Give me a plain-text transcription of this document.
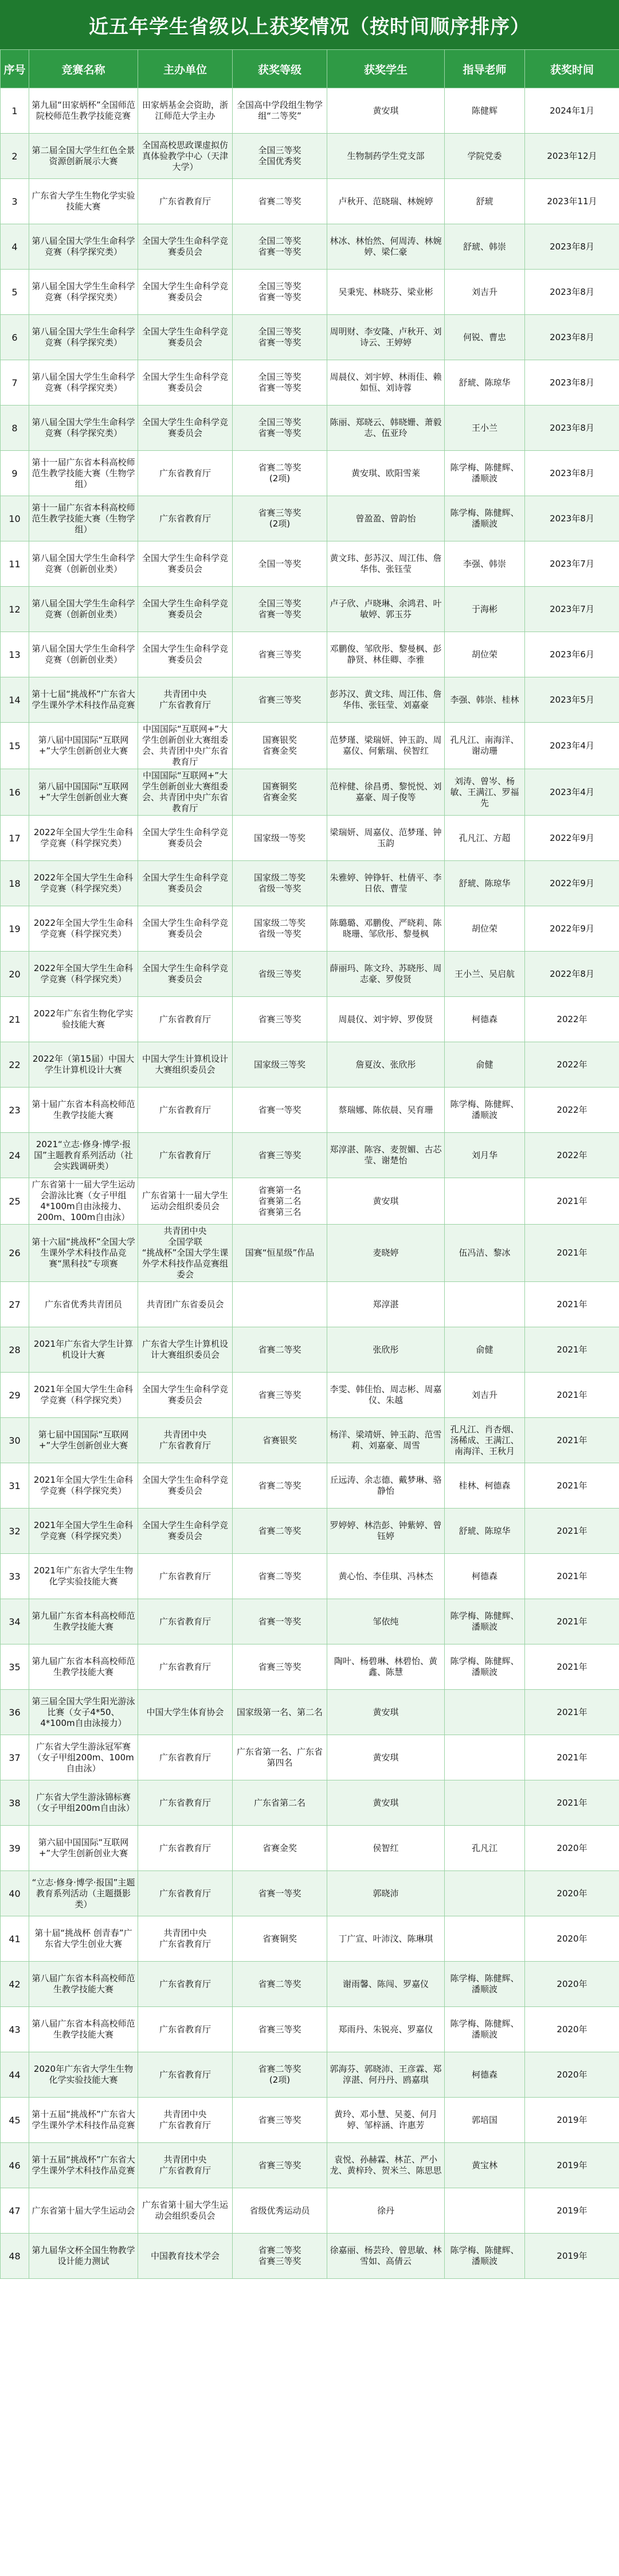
近五年学生省级以上获奖情况（按时间顺序排序）
序号	竞赛名称	主办单位	获奖等级	获奖学生	指导老师	获奖时间
1	第九届“田家炳杯”全国师范院校师范生教学技能竞赛	田家炳基金会资助，浙江师范大学主办	全国高中学段组生物学组“二等奖”	黄安琪	陈健辉	2024年1月
2	第二届全国大学生红色全景资源创新展示大赛	全国高校思政课虚拟仿真体验教学中心（天津大学）	全国三等奖
全国优秀奖	生物制药学生党支部	学院党委	2023年12月
3	广东省大学生生物化学实验技能大赛	广东省教育厅	省赛二等奖	卢秋开、范晓瑞、林婉婷	舒琥	2023年11月
4	第八届全国大学生生命科学竞赛（科学探究类）	全国大学生生命科学竞赛委员会	全国二等奖
省赛一等奖	林冰、林怡然、何周涛、林婉婷、梁仁豪	舒琥、韩崇	2023年8月
5	第八届全国大学生生命科学竞赛（科学探究类）	全国大学生生命科学竞赛委员会	全国三等奖
省赛一等奖	吴秉宪、林晓芬、梁业彬	刘吉升	2023年8月
6	第八届全国大学生生命科学竞赛（科学探究类）	全国大学生生命科学竞赛委员会	全国三等奖
省赛一等奖	周明财、李安隆、卢秋开、刘诗云、王婷婷	何锐、曹忠	2023年8月
7	第八届全国大学生生命科学竞赛（科学探究类）	全国大学生生命科学竞赛委员会	全国三等奖
省赛一等奖	周晨仪、刘宇婷、林雨佳、赖如恒、刘诗蓉	舒琥、陈琼华	2023年8月
8	第八届全国大学生生命科学竞赛（科学探究类）	全国大学生生命科学竞赛委员会	全国三等奖
省赛一等奖	陈丽、郑晓云、韩晓姗、萧毅志、伍亚玲	王小兰	2023年8月
9	第十一届广东省本科高校师范生教学技能大赛（生物学组）	广东省教育厅	省赛二等奖
(2项)	黄安琪、欧阳雪莱	陈学梅、陈健辉、潘顺波	2023年8月
10	第十一届广东省本科高校师范生教学技能大赛（生物学组）	广东省教育厅	省赛三等奖
(2项)	曾盈盈、曾韵怡	陈学梅、陈健辉、潘顺波	2023年8月
11	第八届全国大学生生命科学竞赛（创新创业类）	全国大学生生命科学竞赛委员会	全国一等奖	黄文玮、彭苏汉、周江伟、詹华伟、张钰莹	李强、韩崇	2023年7月
12	第八届全国大学生生命科学竞赛（创新创业类）	全国大学生生命科学竞赛委员会	全国三等奖
省赛一等奖	卢子欣、卢晓琳、余鸿君、叶敏婷、郭玉芬	于海彬	2023年7月
13	第八届全国大学生生命科学竞赛（创新创业类）	全国大学生生命科学竞赛委员会	省赛三等奖	邓鹏俊、邹欣彤、黎曼枫、彭静贤、林佳卿、李雅	胡位荣	2023年6月
14	第十七届“挑战杯”广东省大学生课外学术科技作品竞赛	共青团中央
广东省教育厅	省赛三等奖	彭苏汉、黄文玮、周江伟、詹华伟、张钰莹、刘嘉豪	李强、韩崇、桂林	2023年5月
15	第八届中国国际“互联网+”大学生创新创业大赛	中国国际“互联网+”大学生创新创业大赛组委会、共青团中央广东省教育厅	国赛银奖
省赛金奖	范梦瑾、梁瑞妍、钟玉韵、周嘉仪、何紫瑞、侯智红	孔凡江、南海洋、谢动珊	2023年4月
16	第八届中国国际“互联网+”大学生创新创业大赛	中国国际“互联网+”大学生创新创业大赛组委会、共青团中央广东省教育厅	国赛铜奖
省赛金奖	范梓健、徐昌勇、黎悦悦、刘嘉豪、周子俊等	刘涛、曾岑、杨敏、王满江、罗福先	2023年4月
17	2022年全国大学生生命科学竞赛（科学探究类）	全国大学生生命科学竞赛委员会	国家级一等奖	梁瑞妍、周嘉仪、范梦瑾、钟玉韵	孔凡江、方超	2022年9月
18	2022年全国大学生生命科学竞赛（科学探究类）	全国大学生生命科学竞赛委员会	国家级二等奖
省级一等奖	朱雅婷、钟铮轩、杜倩平、李日依、曹莹	舒琥、陈琼华	2022年9月
19	2022年全国大学生生命科学竞赛（科学探究类）	全国大学生生命科学竞赛委员会	国家级二等奖
省级一等奖	陈璐璐、邓鹏俊、严晓莉、陈晓珊、邹欣彤、黎曼枫	胡位荣	2022年9月
20	2022年全国大学生生命科学竞赛（科学探究类）	全国大学生生命科学竞赛委员会	省级三等奖	薛丽玛、陈文玲、苏晓彤、周志豪、罗俊贤	王小兰、吴启航	2022年8月
21	2022年广东省生物化学实验技能大赛	广东省教育厅	省赛三等奖	周晨仪、刘宇婷、罗俊贤	柯德森	2022年
22	2022年（第15届）中国大学生计算机设计大赛	中国大学生计算机设计大赛组织委员会	国家级三等奖	詹夏汝、张欣彤	俞健	2022年
23	第十届广东省本科高校师范生教学技能大赛	广东省教育厅	省赛一等奖	蔡瑞娜、陈依晨、吴育珊	陈学梅、陈健辉、潘顺波	2022年
24	2021“立志·修身·博学·报国”主题教育系列活动（社会实践调研类）	广东省教育厅	省赛三等奖	郑淳湛、陈容、麦贺媚、古芯莹、谢楚怡	刘月华	2022年
25	广东省第十一届大学生运动会游泳比赛（女子甲组4*100m自由泳接力、200m、100m自由泳）	广东省第十一届大学生运动会组织委员会	省赛第一名
省赛第二名
省赛第三名	黄安琪		2021年
26	第十六届“挑战杯”全国大学生课外学术科技作品竞赛“黑科技”专项赛	共青团中央
全国学联
“挑战杯”全国大学生课外学术科技作品竞赛组委会	国赛“恒星级”作品	麦晓婷	伍冯洁、黎冰	2021年
27	广东省优秀共青团员	共青团广东省委员会		郑淳湛		2021年
28	2021年广东省大学生计算机设计大赛	广东省大学生计算机设计大赛组织委员会	省赛二等奖	张欣彤	俞健	2021年
29	2021年全国大学生生命科学竞赛（科学探究类）	全国大学生生命科学竞赛委员会	省赛三等奖	李雯、韩佳怡、周志彬、周嘉仪、朱越	刘吉升	2021年
30	第七届中国国际“互联网+”大学生创新创业大赛	共青团中央
广东省教育厅	省赛银奖	杨洋、梁靖妍、钟玉韵、范雪莉、刘嘉豪、周雪	孔凡江、肖杏烟、汤稀成、王满江、南海洋、王秋月	2021年
31	2021年全国大学生生命科学竞赛（科学探究类）	全国大学生生命科学竞赛委员会	省赛二等奖	丘远涛、余志德、戴梦琳、骆静怡	桂林、柯德森	2021年
32	2021年全国大学生生命科学竞赛（科学探究类）	全国大学生生命科学竞赛委员会	省赛二等奖	罗婷婷、林浩彭、钟紫婷、曾钰婷	舒琥、陈琼华	2021年
33	2021年广东省大学生生物化学实验技能大赛	广东省教育厅	省赛二等奖	黄心怡、李佳琪、冯林杰	柯德森	2021年
34	第九届广东省本科高校师范生教学技能大赛	广东省教育厅	省赛一等奖	邹依纯	陈学梅、陈健辉、潘顺波	2021年
35	第九届广东省本科高校师范生教学技能大赛	广东省教育厅	省赛三等奖	陶叶、杨碧琳、林碧怡、黄鑫、陈慧	陈学梅、陈健辉、潘顺波	2021年
36	第三届全国大学生阳光游泳比赛（女子4*50、4*100m自由泳接力）	中国大学生体育协会	国家级第一名、第二名	黄安琪		2021年
37	广东省大学生游泳冠军赛（女子甲组200m、100m自由泳）	广东省教育厅	广东省第一名、广东省第四名	黄安琪		2021年
38	广东省大学生游泳锦标赛（女子甲组200m自由泳）	广东省教育厅	广东省第二名	黄安琪		2021年
39	第六届中国国际“互联网+”大学生创新创业大赛	广东省教育厅	省赛金奖	侯智红	孔凡江	2020年
40	“立志·修身·博学·报国”主题教育系列活动（主题摄影类）	广东省教育厅	省赛一等奖	郭晓沛		2020年
41	第十届“挑战杯 创青春”广东省大学生创业大赛	共青团中央
广东省教育厅	省赛铜奖	丁广宣、叶沛汶、陈琳琪		2020年
42	第八届广东省本科高校师范生教学技能大赛	广东省教育厅	省赛二等奖	谢雨馨、陈闯、罗嘉仪	陈学梅、陈健辉、潘顺波	2020年
43	第八届广东省本科高校师范生教学技能大赛	广东省教育厅	省赛三等奖	郑雨丹、朱锐亮、罗嘉仪	陈学梅、陈健辉、潘顺波	2020年
44	2020年广东省大学生生物化学实验技能大赛	广东省教育厅	省赛二等奖
(2项)	郭海芬、郭晓沛、王彦霖、郑淳湛、何丹丹、鸥嘉琪	柯德森	2020年
45	第十五届“挑战杯”广东省大学生课外学术科技作品竞赛	共青团中央
广东省教育厅	省赛三等奖	黄玲、邓小慧、吴菱、何月婷、邹梓涵、许惠芳	郭培国	2019年
46	第十五届“挑战杯”广东省大学生课外学术科技作品竞赛	共青团中央
广东省教育厅	省赛三等奖	袁悦、孙赫霖、林芷、严小龙、黄梓玲、贺米兰、陈思思	黄宝林	2019年
47	广东省第十届大学生运动会	广东省第十届大学生运动会组织委员会	省级优秀运动员	徐丹		2019年
48	第九届华文杯全国生物教学设计能力测试	中国教育技术学会	省赛二等奖
省赛三等奖	徐嘉丽、杨芸玲、曾思敏、林雪如、高倩云	陈学梅、陈健辉、潘顺波	2019年
